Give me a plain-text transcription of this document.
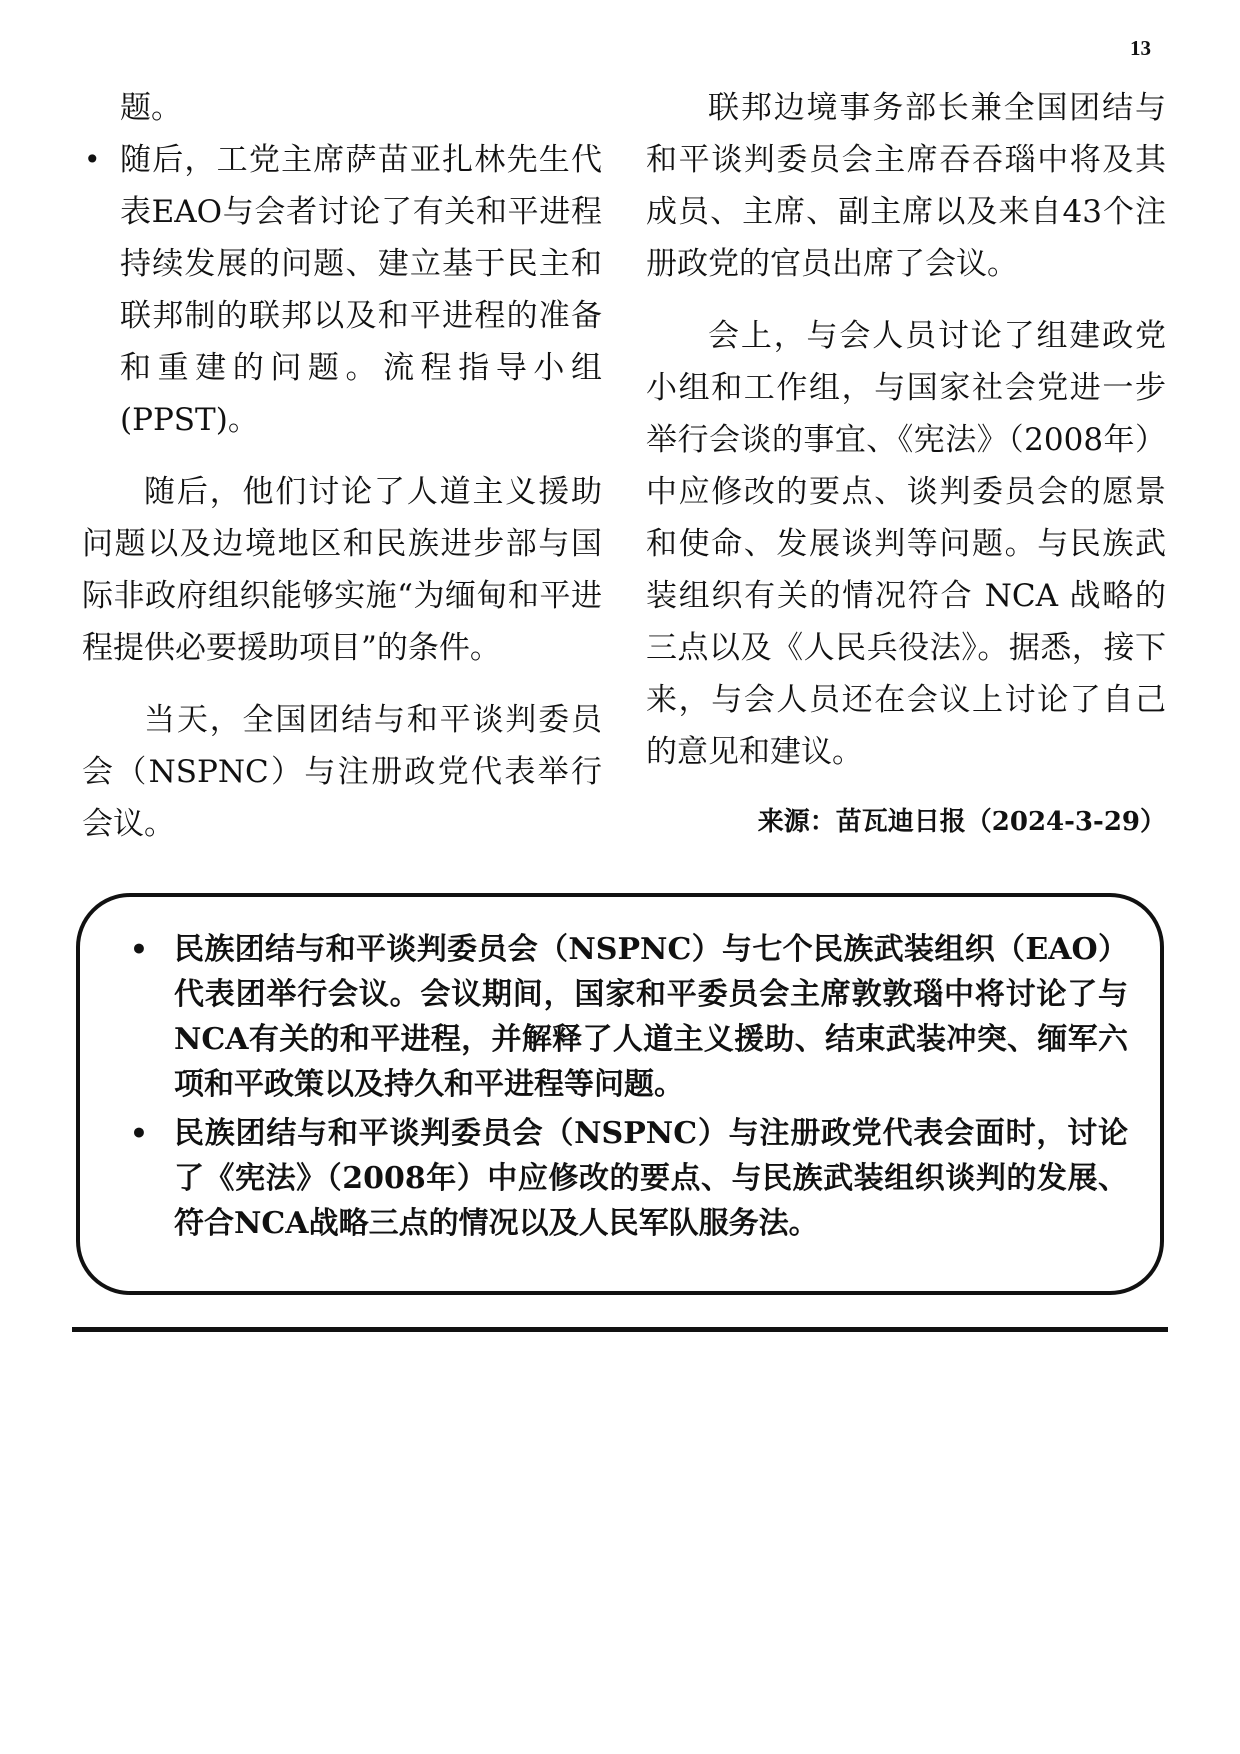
13

题。

• 随后，工党主席萨苗亚扎林先生代表EAO与会者讨论了有关和平进程持续发展的问题、建立基于民主和联邦制的联邦以及和平进程的准备和重建的问题。流程指导小组 (PPST)。

随后，他们讨论了人道主义援助问题以及边境地区和民族进步部与国际非政府组织能够实施“为缅甸和平进程提供必要援助项目”的条件。

当天，全国团结与和平谈判委员会（NSPNC）与注册政党代表举行会议。

联邦边境事务部长兼全国团结与和平谈判委员会主席吞吞瑙中将及其成员、主席、副主席以及来自43个注册政党的官员出席了会议。

会上，与会人员讨论了组建政党小组和工作组，与国家社会党进一步举行会谈的事宜、《宪法》（2008年）中应修改的要点、谈判委员会的愿景和使命、发展谈判等问题。与民族武装组织有关的情况符合 NCA 战略的三点以及《人民兵役法》。据悉，接下来，与会人员还在会议上讨论了自己的意见和建议。

来源：苗瓦迪日报（2024-3-29）

• 民族团结与和平谈判委员会（NSPNC）与七个民族武装组织（EAO）代表团举行会议。会议期间，国家和平委员会主席敦敦瑙中将讨论了与NCA有关的和平进程，并解释了人道主义援助、结束武装冲突、缅军六项和平政策以及持久和平进程等问题。

• 民族团结与和平谈判委员会（NSPNC）与注册政党代表会面时，讨论了《宪法》（2008年）中应修改的要点、与民族武装组织谈判的发展、符合NCA战略三点的情况以及人民军队服务法。
